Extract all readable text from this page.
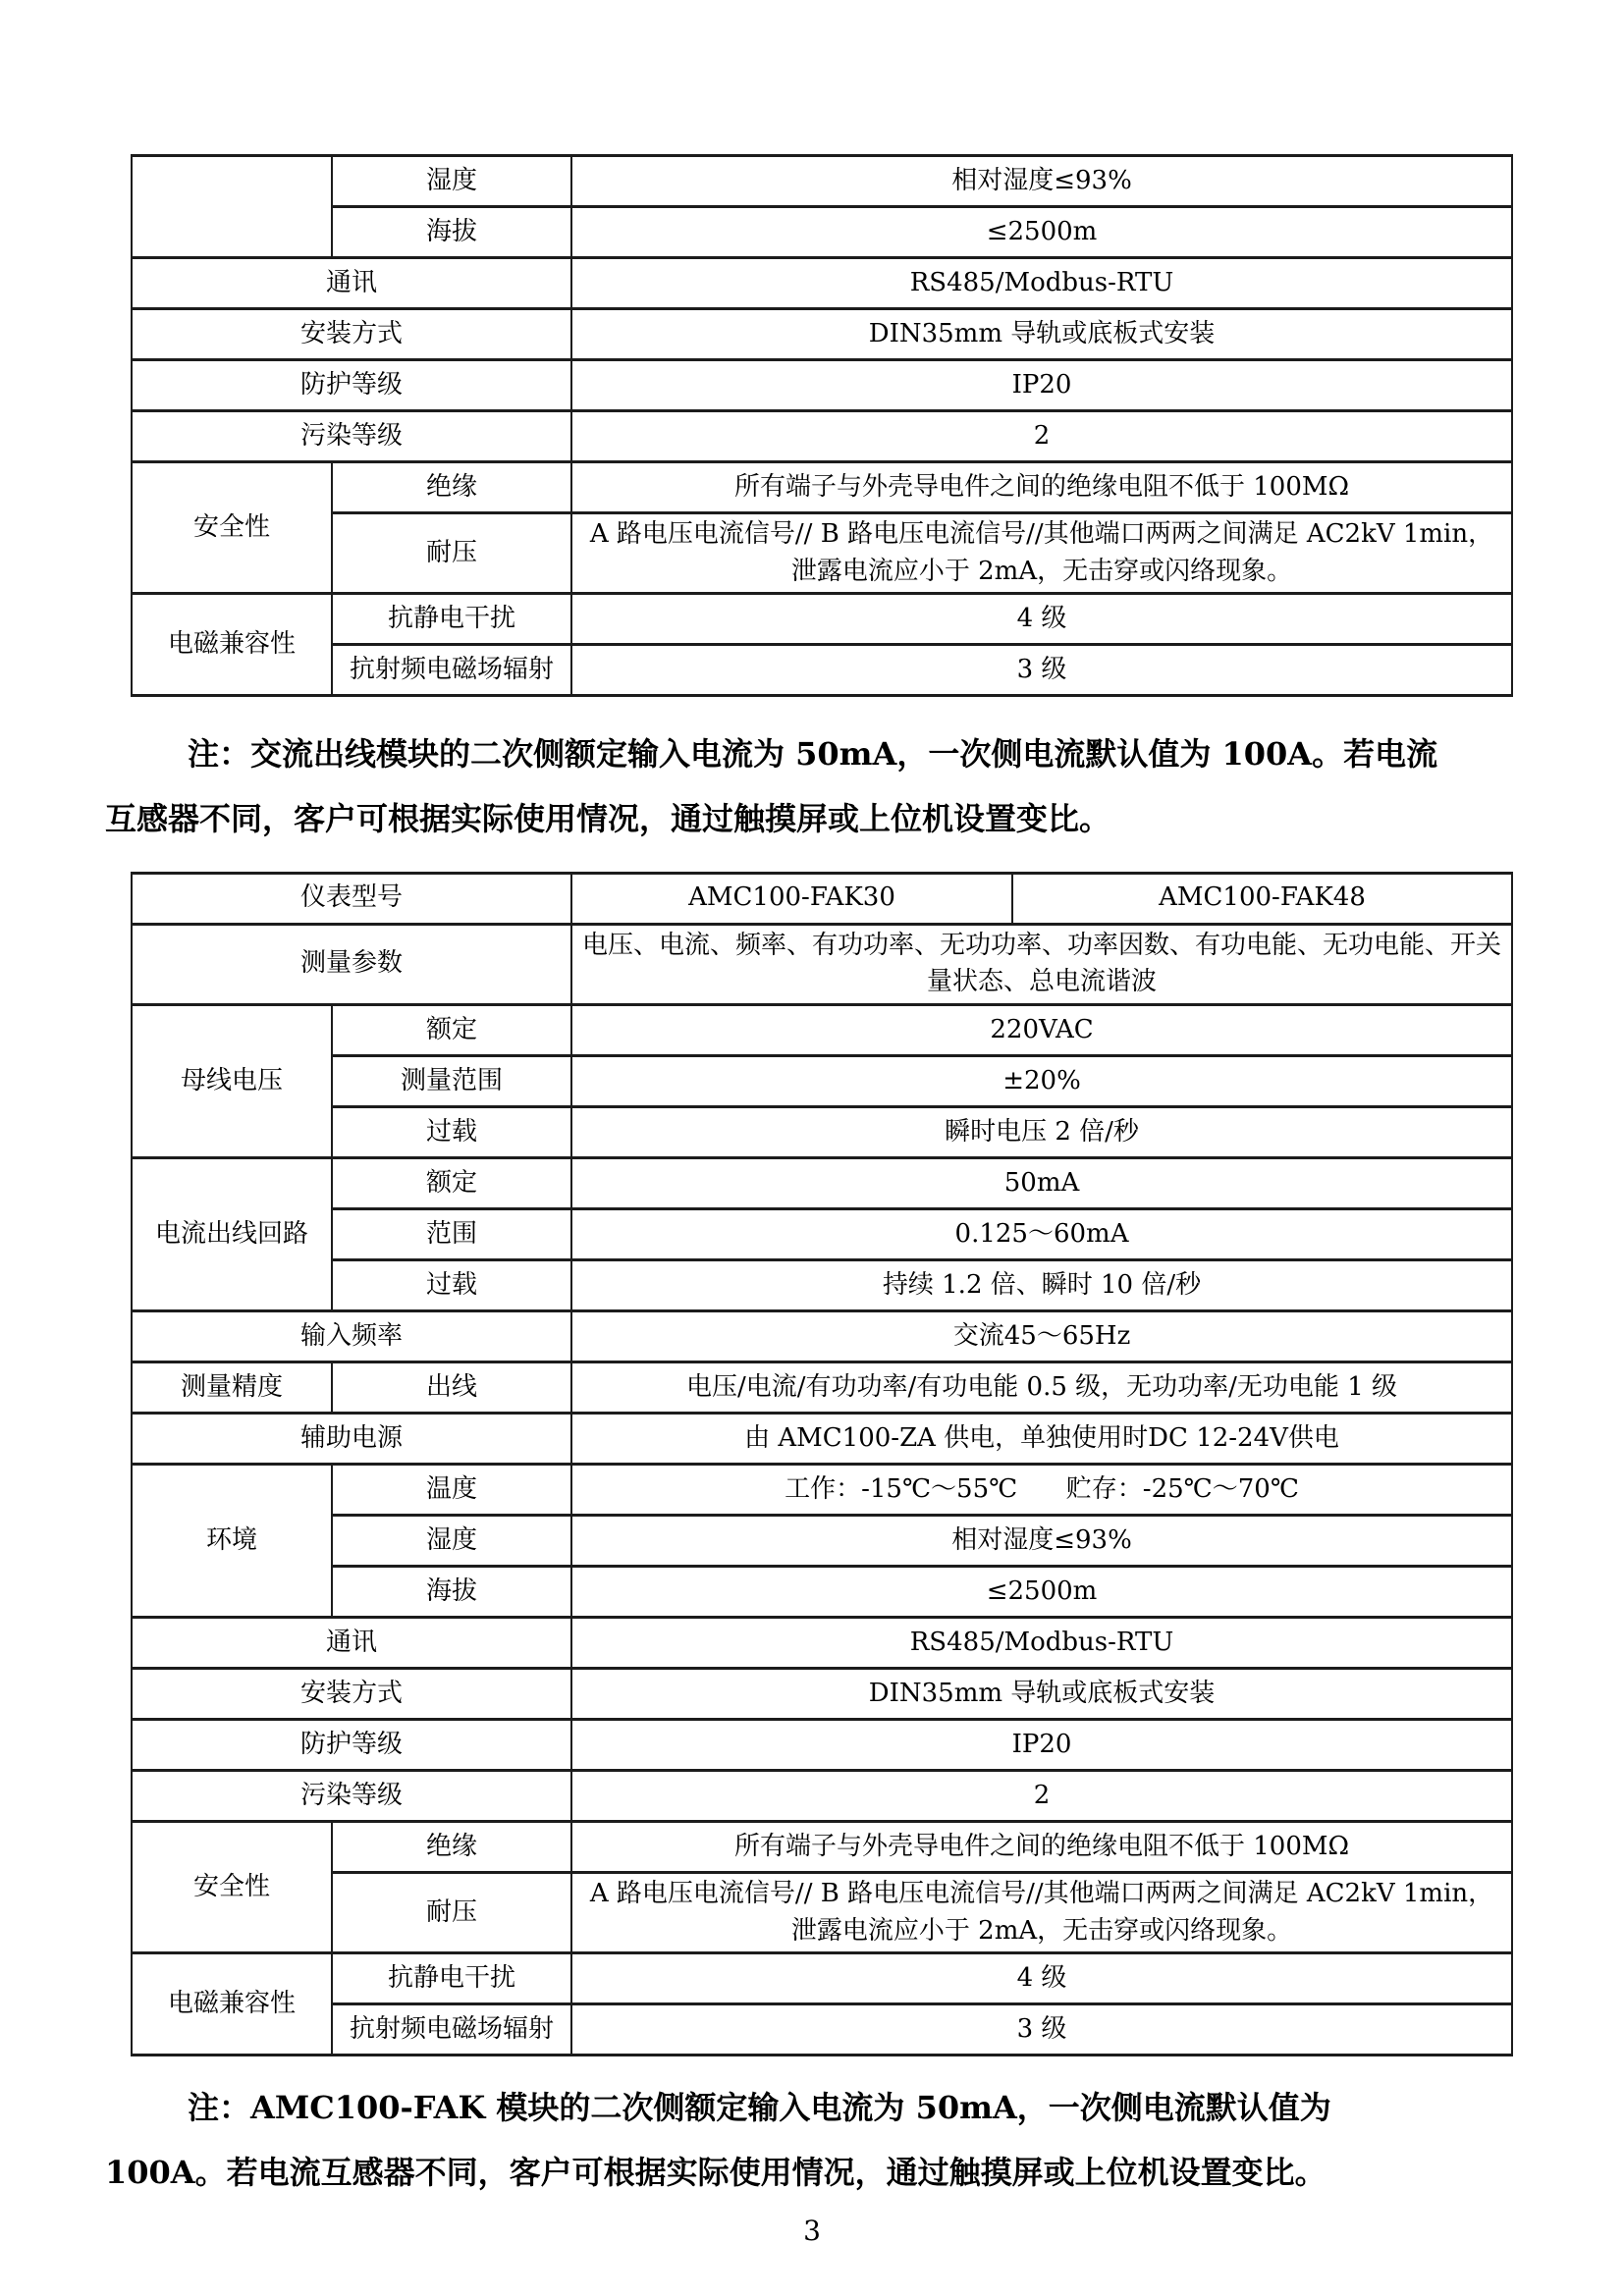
	湿度	相对湿度≤93%
	海拔	≤2500m
通讯		RS485/Modbus-RTU
安装方式		DIN35mm 导轨或底板式安装
防护等级		IP20
污染等级		2
安全性	绝缘	所有端子与外壳导电件之间的绝缘电阻不低于 100MΩ
	耐压	A 路电压电流信号// B 路电压电流信号//其他端口两两之间满足 AC2kV 1min，泄露电流应小于 2mA，无击穿或闪络现象。
电磁兼容性	抗静电干扰	4 级
	抗射频电磁场辐射	3 级

注：交流出线模块的二次侧额定输入电流为 50mA，一次侧电流默认值为 100A。若电流互感器不同，客户可根据实际使用情况，通过触摸屏或上位机设置变比。

仪表型号		AMC100-FAK30	AMC100-FAK48
测量参数		电压、电流、频率、有功功率、无功功率、功率因数、有功电能、无功电能、开关量状态、总电流谐波	
母线电压	额定	220VAC	
	测量范围	±20%	
	过载	瞬时电压 2 倍/秒	
电流出线回路	额定	50mA	
	范围	0.125～60mA	
	过载	持续 1.2 倍、瞬时 10 倍/秒	
输入频率		交流45～65Hz	
测量精度	出线	电压/电流/有功功率/有功电能 0.5 级，无功功率/无功电能 1 级	
辅助电源		由 AMC100-ZA 供电，单独使用时DC 12-24V供电	
环境	温度	工作：-15℃～55℃      贮存：-25℃～70℃	
	湿度	相对湿度≤93%	
	海拔	≤2500m	
通讯		RS485/Modbus-RTU	
安装方式		DIN35mm 导轨或底板式安装	
防护等级		IP20	
污染等级		2	
安全性	绝缘	所有端子与外壳导电件之间的绝缘电阻不低于 100MΩ	
	耐压	A 路电压电流信号// B 路电压电流信号//其他端口两两之间满足 AC2kV 1min，泄露电流应小于 2mA，无击穿或闪络现象。	
电磁兼容性	抗静电干扰	4 级	
	抗射频电磁场辐射	3 级	

注：AMC100-FAK 模块的二次侧额定输入电流为 50mA，一次侧电流默认值为 100A。若电流互感器不同，客户可根据实际使用情况，通过触摸屏或上位机设置变比。

3
